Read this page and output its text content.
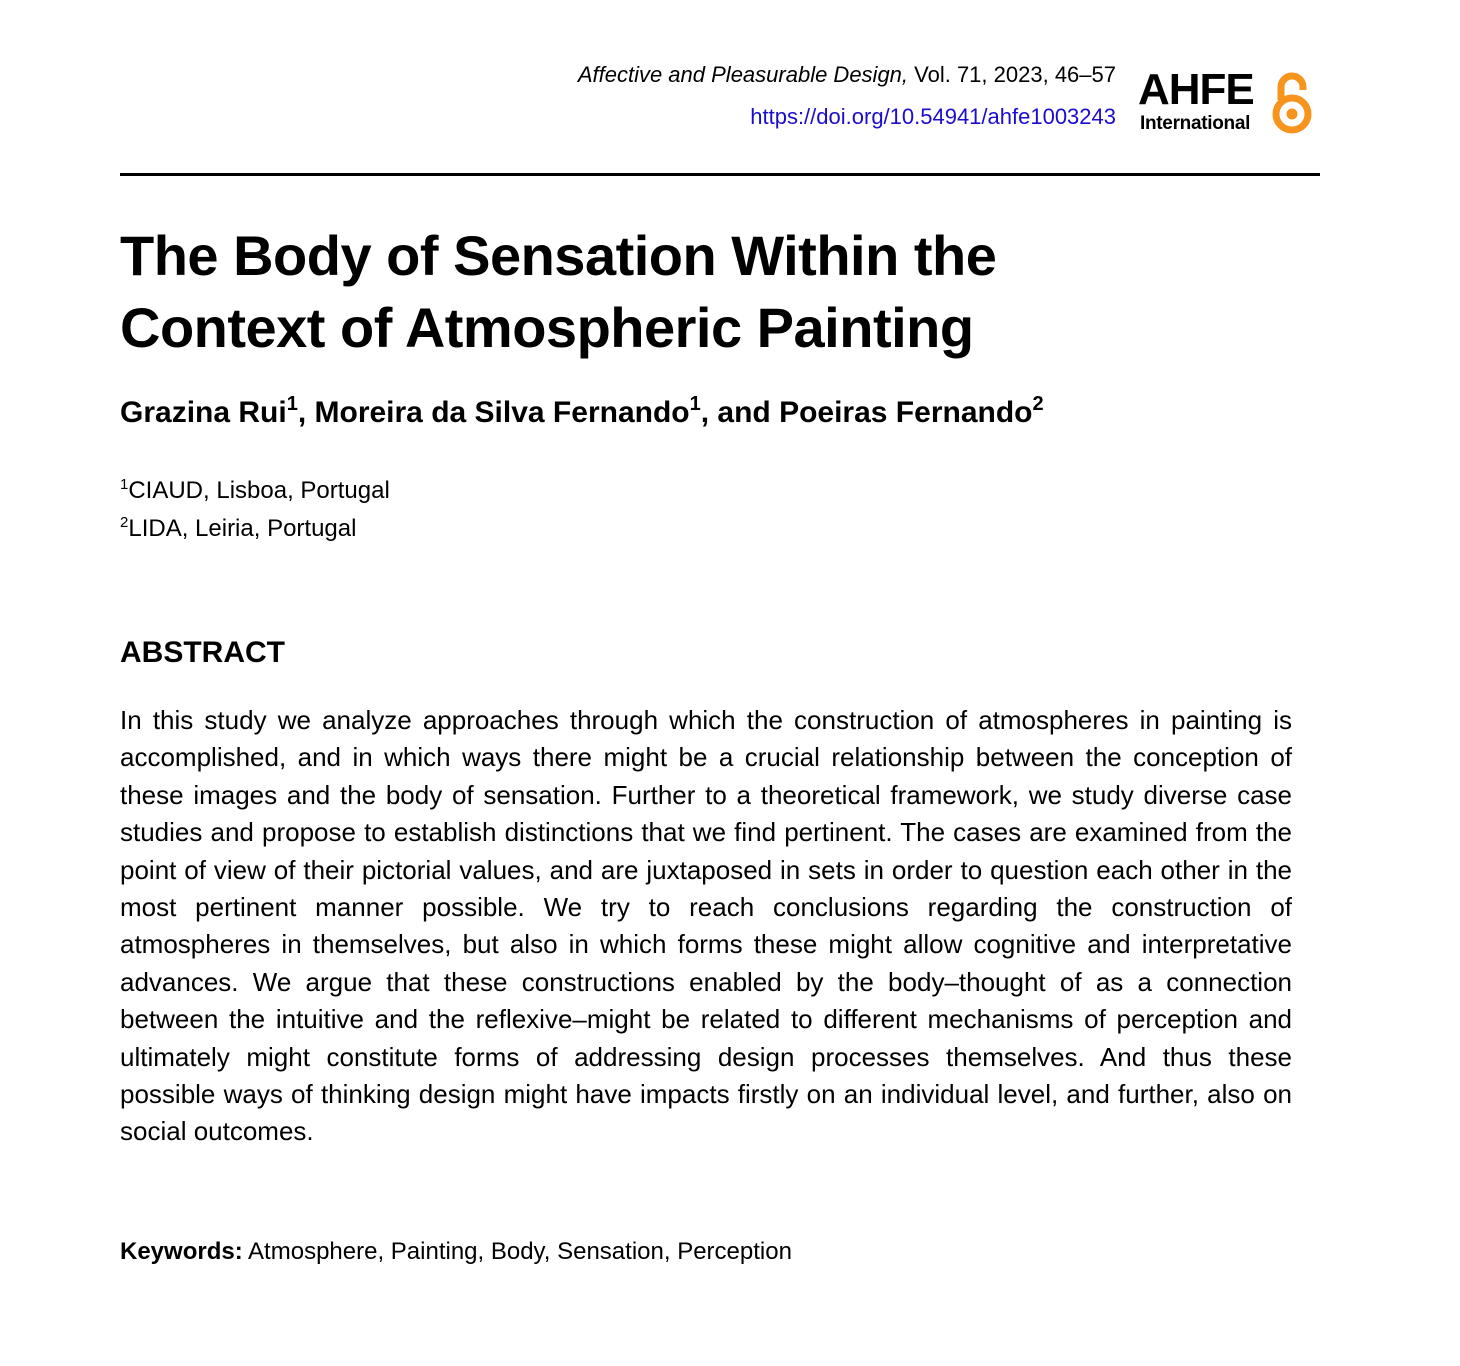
Affective and Pleasurable Design, Vol. 71, 2023, 46–57
https://doi.org/10.54941/ahfe1003243
AHFE
International
The Body of Sensation Within the
Context of Atmospheric Painting
Grazina Rui$^1$, Moreira da Silva Fernando$^1$, and Poeiras Fernando$^2$
$^1$CIAUD, Lisboa, Portugal
$^2$LIDA, Leiria, Portugal
ABSTRACT

In this study we analyze approaches through which the construction of atmospheres in painting is accomplished, and in which ways there might be a crucial relationship between the conception of these images and the body of sensation. Further to a theoretical framework, we study diverse case studies and propose to establish distinctions that we find pertinent. The cases are examined from the point of view of their pictorial values, and are juxtaposed in sets in order to question each other in the most pertinent manner possible. We try to reach conclusions regarding the construction of atmospheres in themselves, but also in which forms these might allow cognitive and interpretative advances. We argue that these constructions enabled by the body–thought of as a connection between the intuitive and the reflexive–might be related to different mechanisms of perception and ultimately might constitute forms of addressing design processes themselves. And thus these possible ways of thinking design might have impacts firstly on an individual level, and further, also on social outcomes.

Keywords: Atmosphere, Painting, Body, Sensation, Perception
